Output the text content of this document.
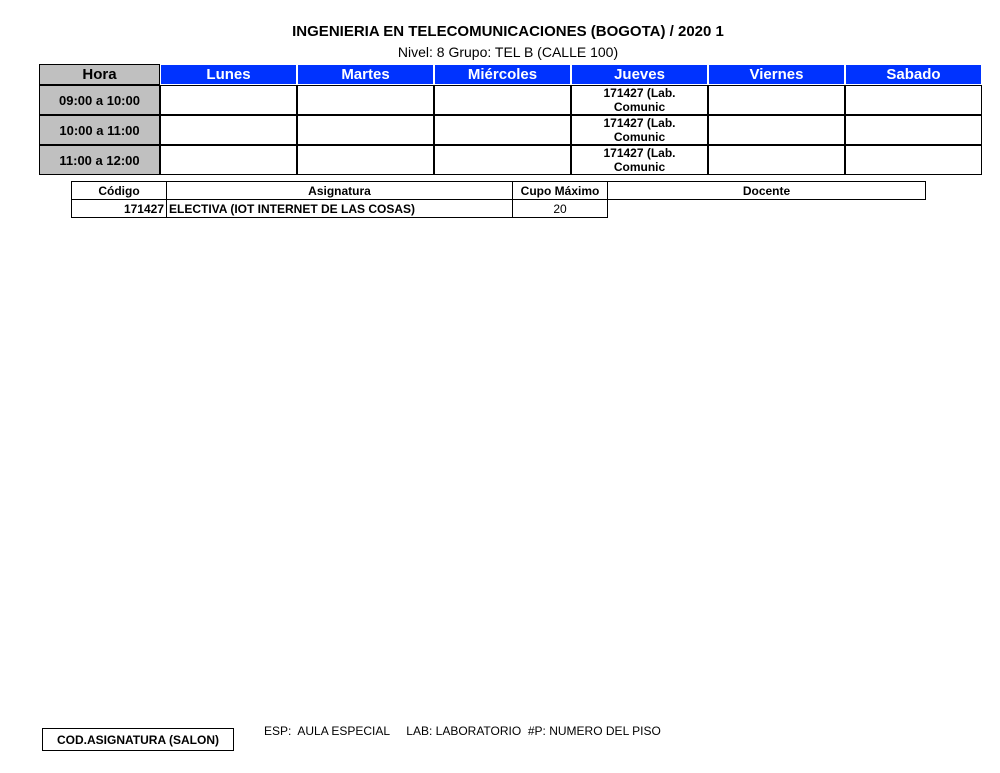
INGENIERIA EN TELECOMUNICACIONES (BOGOTA) / 2020 1
Nivel: 8 Grupo: TEL B (CALLE 100)
Hora	Lunes	Martes	Miércoles	Jueves	Viernes	Sabado
09:00 a 10:00				171427 (Lab.
Comunic		

10:00 a 11:00				171427 (Lab.
Comunic		

11:00 a 12:00				171427 (Lab.
Comunic		

Código	Asignatura	Cupo Máximo	Docente
171427	ELECTIVA (IOT INTERNET DE LAS COSAS)	20	
COD.ASIGNATURA (SALON)
ESP:  AULA ESPECIAL     LAB: LABORATORIO  #P: NUMERO DEL PISO
